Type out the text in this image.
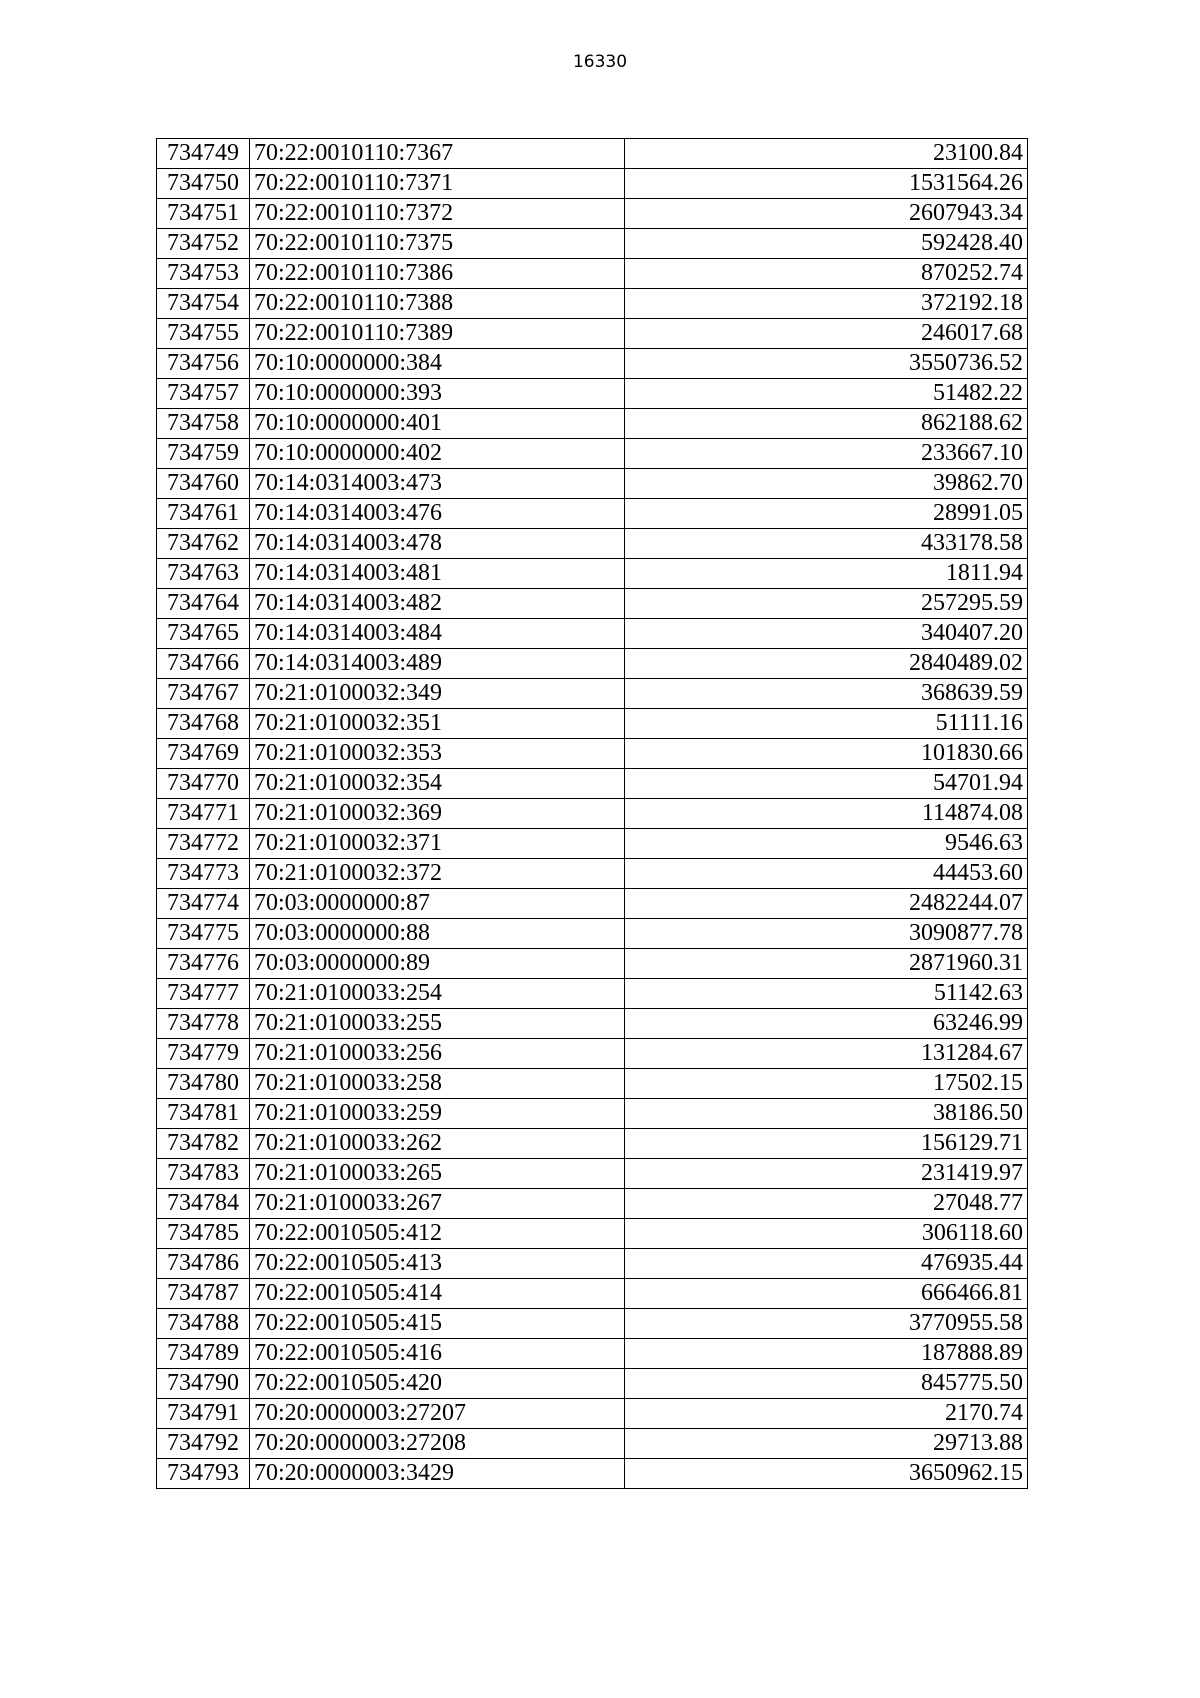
16330
734749	70:22:0010110:7367	23100.84
734750	70:22:0010110:7371	1531564.26
734751	70:22:0010110:7372	2607943.34
734752	70:22:0010110:7375	592428.40
734753	70:22:0010110:7386	870252.74
734754	70:22:0010110:7388	372192.18
734755	70:22:0010110:7389	246017.68
734756	70:10:0000000:384	3550736.52
734757	70:10:0000000:393	51482.22
734758	70:10:0000000:401	862188.62
734759	70:10:0000000:402	233667.10
734760	70:14:0314003:473	39862.70
734761	70:14:0314003:476	28991.05
734762	70:14:0314003:478	433178.58
734763	70:14:0314003:481	1811.94
734764	70:14:0314003:482	257295.59
734765	70:14:0314003:484	340407.20
734766	70:14:0314003:489	2840489.02
734767	70:21:0100032:349	368639.59
734768	70:21:0100032:351	51111.16
734769	70:21:0100032:353	101830.66
734770	70:21:0100032:354	54701.94
734771	70:21:0100032:369	114874.08
734772	70:21:0100032:371	9546.63
734773	70:21:0100032:372	44453.60
734774	70:03:0000000:87	2482244.07
734775	70:03:0000000:88	3090877.78
734776	70:03:0000000:89	2871960.31
734777	70:21:0100033:254	51142.63
734778	70:21:0100033:255	63246.99
734779	70:21:0100033:256	131284.67
734780	70:21:0100033:258	17502.15
734781	70:21:0100033:259	38186.50
734782	70:21:0100033:262	156129.71
734783	70:21:0100033:265	231419.97
734784	70:21:0100033:267	27048.77
734785	70:22:0010505:412	306118.60
734786	70:22:0010505:413	476935.44
734787	70:22:0010505:414	666466.81
734788	70:22:0010505:415	3770955.58
734789	70:22:0010505:416	187888.89
734790	70:22:0010505:420	845775.50
734791	70:20:0000003:27207	2170.74
734792	70:20:0000003:27208	29713.88
734793	70:20:0000003:3429	3650962.15
